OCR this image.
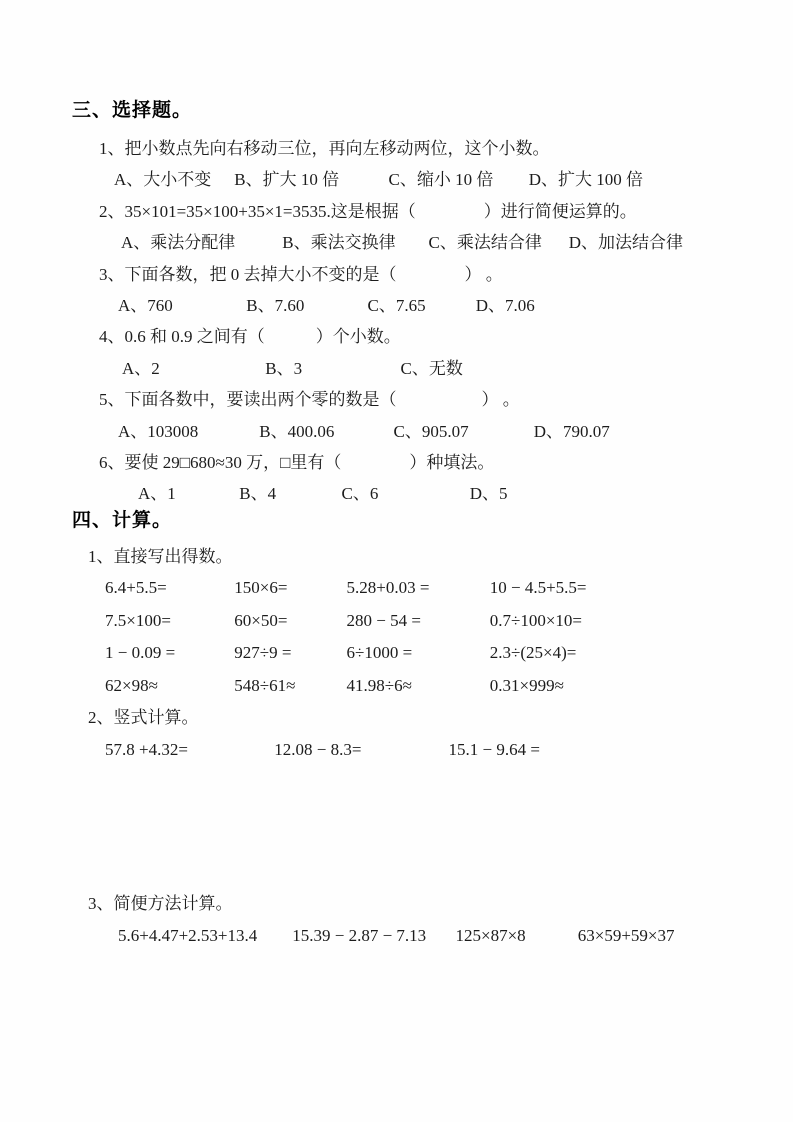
三、选择题。
1、把小数点先向右移动三位，再向左移动两位，这个小数。
A、大小不变 B、扩大 10 倍	C、缩小 10 倍 D、扩大 100 倍
2、35×101=35×100+35×1=3535.这是根据（　　　　）进行简便运算的。
A、乘法分配律	B、乘法交换律 C、乘法结合律 D、加法结合律
3、下面各数，把 0 去掉大小不变的是（　　　　） 。
A、760	B、7.60	C、7.65	D、7.06
4、0.6 和 0.9 之间有（　　　）个小数。
A、2	B、3	C、无数
5、下面各数中，要读出两个零的数是（　　　　　） 。
A、103008	B、400.06	C、905.07	D、790.07
6、要使 29□680≈30 万，□里有（　　　　）种填法。
A、1	B、4	C、6	D、5
四、计算。
1、直接写出得数。
6.4+5.5=	150×6=	5.28+0.03 =	10 − 4.5+5.5=
7.5×100=	60×50=	280 − 54 =	0.7÷100×10=
1 − 0.09 =	927÷9 =	6÷1000 =	2.3÷(25×4)=
62×98≈	548÷61≈	41.98÷6≈	0.31×999≈
2、竖式计算。
57.8 +4.32=	12.08 − 8.3=	15.1 − 9.64 =
3、简便方法计算。
5.6+4.47+2.53+13.4 15.39 − 2.87 − 7.13 125×87×8	63×59+59×37
